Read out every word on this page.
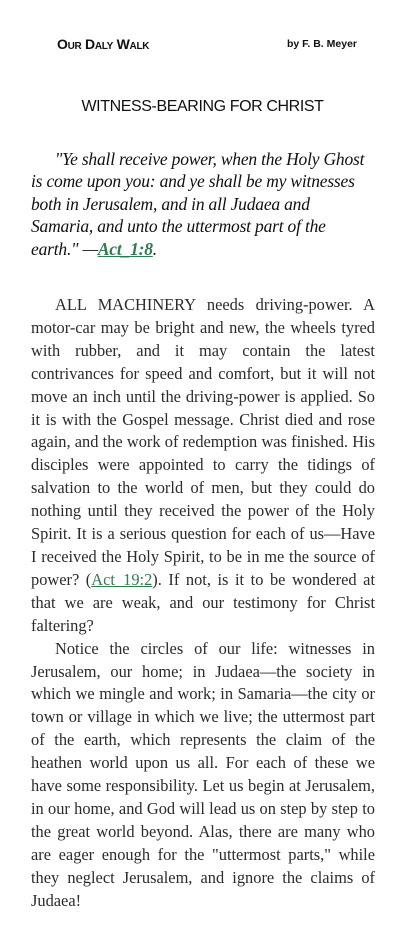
Our Daly Walk	by F. B. Meyer
WITNESS-BEARING FOR CHRIST
"Ye shall receive power, when the Holy Ghost is come upon you: and ye shall be my witnesses both in Jerusalem, and in all Judaea and Samaria, and unto the uttermost part of the earth." —Act_1:8.

ALL MACHINERY needs driving-power. A motor-car may be bright and new, the wheels tyred with rubber, and it may contain the latest contrivances for speed and comfort, but it will not move an inch until the driving-power is applied. So it is with the Gospel message. Christ died and rose again, and the work of redemption was finished. His disciples were appointed to carry the tidings of salvation to the world of men, but they could do nothing until they received the power of the Holy Spirit. It is a serious question for each of us—Have I received the Holy Spirit, to be in me the source of power? (Act_19:2). If not, is it to be wondered at that we are weak, and our testimony for Christ faltering?

Notice the circles of our life: witnesses in Jerusalem, our home; in Judaea—the society in which we mingle and work; in Samaria—the city or town or village in which we live; the uttermost part of the earth, which represents the claim of the heathen world upon us all. For each of these we have some responsibility. Let us begin at Jerusalem, in our home, and God will lead us on step by step to the great world beyond. Alas, there are many who are eager enough for the "uttermost parts," while they neglect Jerusalem, and ignore the claims of Judaea!
